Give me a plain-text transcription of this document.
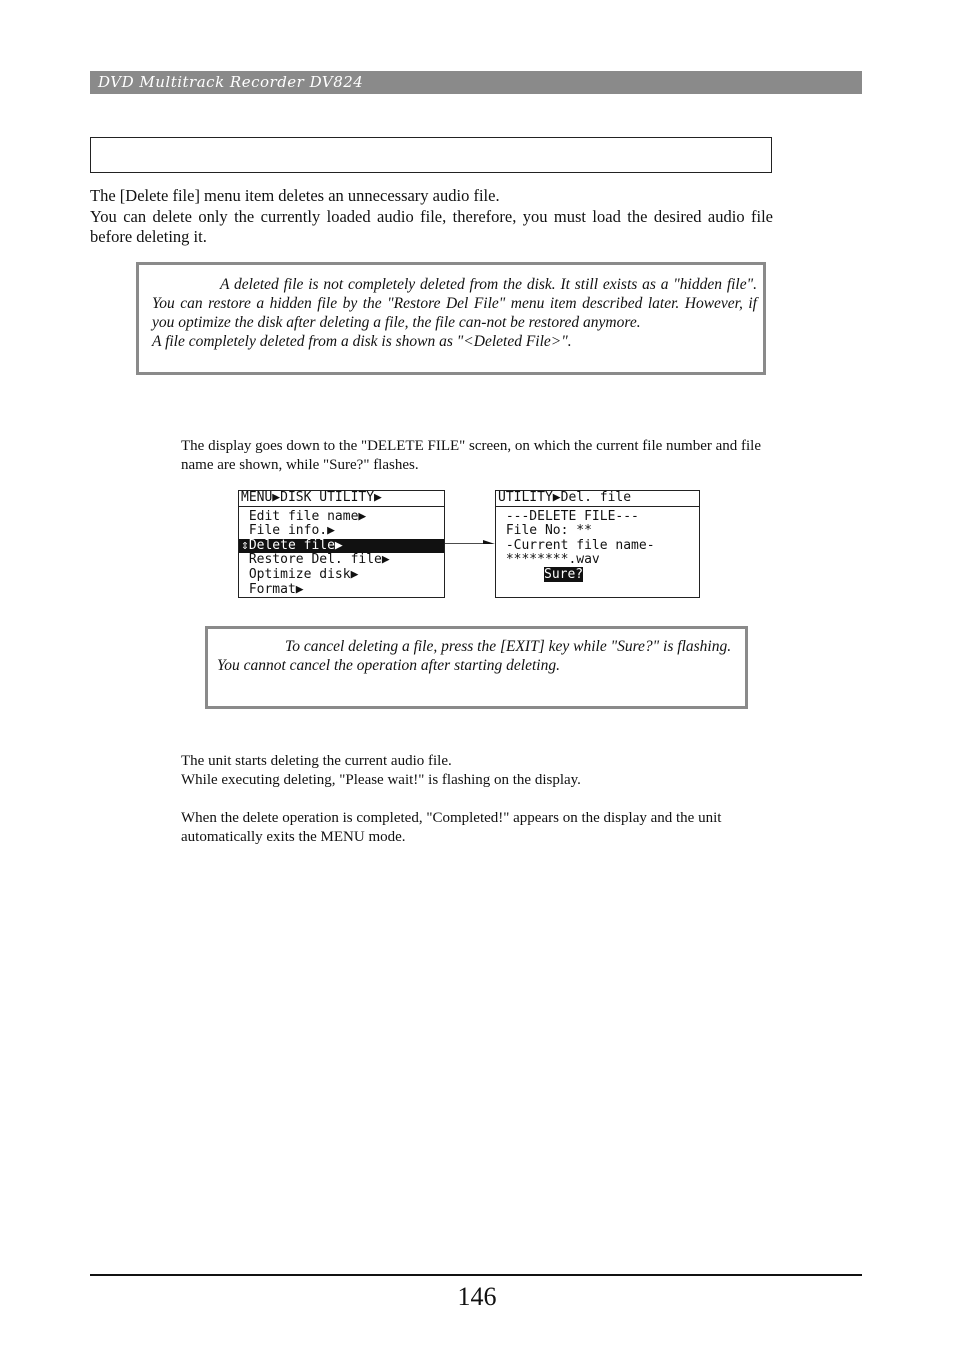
DVD Multitrack Recorder DV824

The [Delete file] menu item deletes an unnecessary audio file.

You can delete only the currently loaded audio file, therefore, you must load the desired audio file before deleting it.

A deleted file is not completely deleted from the disk. It still exists as a "hidden file". You can restore a hidden file by the "Restore Del File" menu item described later. However, if you optimize the disk after deleting a file, the file can-not be restored anymore.

A file completely deleted from a disk is shown as "<Deleted File>".

The display goes down to the "DELETE FILE" screen, on which the current file number and file name are shown, while "Sure?" flashes.

MENU▶DISK UTILITY▶
Edit file name▶
File info.▶
⇕Delete file▶
Restore Del. file▶
Optimize disk▶
Format▶
UTILITY▶Del. file
---DELETE FILE---
File No: **
-Current file name-
********.wav
Sure?

To cancel deleting a file, press the [EXIT] key while "Sure?" is flashing.

You cannot cancel the operation after starting deleting.

The unit starts deleting the current audio file.

While executing deleting, "Please wait!" is flashing on the display.

When the delete operation is completed, "Completed!" appears on the display and the unit automatically exits the MENU mode.

146
